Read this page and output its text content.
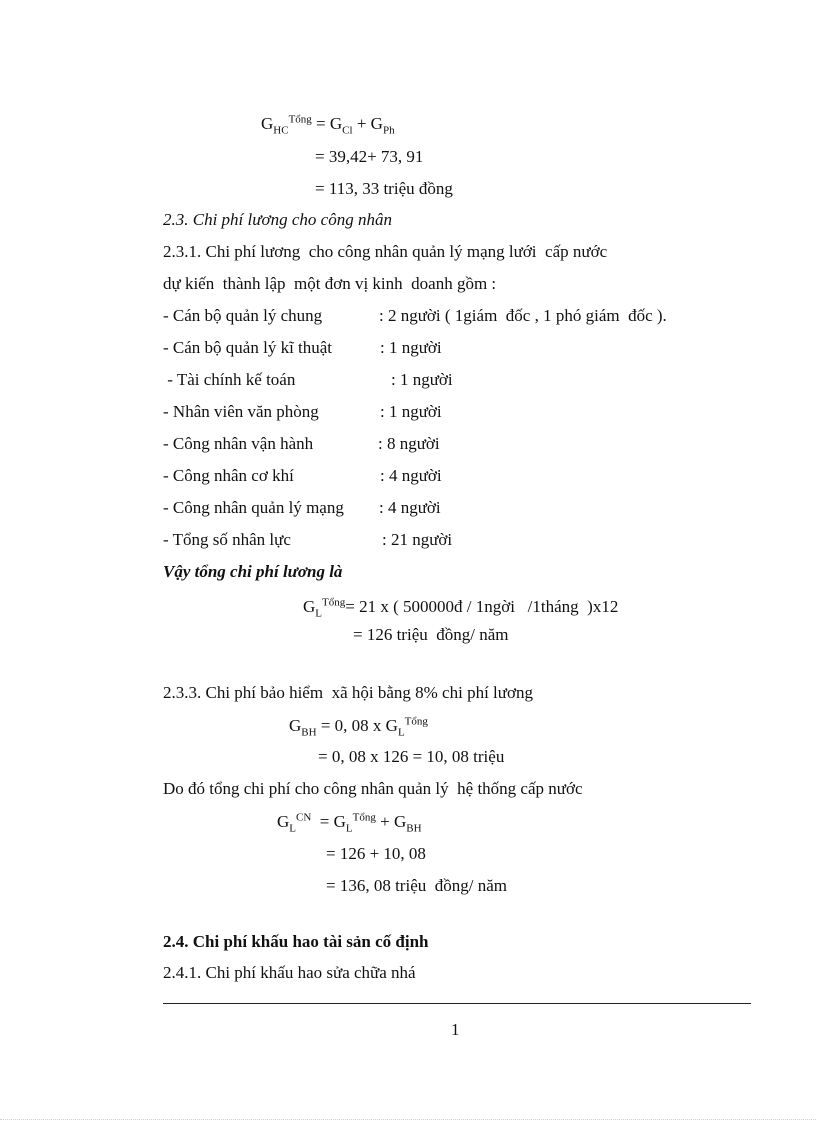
$G_{HC}^{Tổng} = G_{Cl} + G_{Ph}$
= 39,42+ 73, 91
= 113, 33 triệu đồng
2.3. Chi phí lương cho công nhân
2.3.1. Chi phí lương  cho công nhân quản lý mạng lưới  cấp nước
dự kiến  thành lập  một đơn vị kinh  doanh gồm :
- Cán bộ quản lý chung	: 2 người ( 1giám  đốc , 1 phó giám  đốc ).
- Cán bộ quản lý kĩ thuật	: 1 người
- Tài chính kế toán	: 1 người
- Nhân viên văn phòng	: 1 người
- Công nhân vận hành	: 8 người
- Công nhân cơ khí	: 4 người
- Công nhân quản lý mạng : 4 người
- Tổng số nhân lực	: 21 người
Vậy tổng chi phí lương là
$G_L^{Tổng}= 21$ x ( 500000đ / 1ngời   /1tháng  )x12
= 126 triệu  đồng/ năm
2.3.3. Chi phí bảo hiểm  xã hội bằng 8% chi phí lương
$G_{BH} = 0$, 08 x $G_L^{Tổng}$
= 0, 08 x 126 = 10, 08 triệu
Do đó tổng chi phí cho công nhân quản lý  hệ thống cấp nước
$G_L^{CN} = G_L^{Tổng} + G_{BH}$
= 126 + 10, 08
= 136, 08 triệu  đồng/ năm
2.4. Chi phí khấu hao tài sản cố định
2.4.1. Chi phí khấu hao sửa chữa nhá
1
